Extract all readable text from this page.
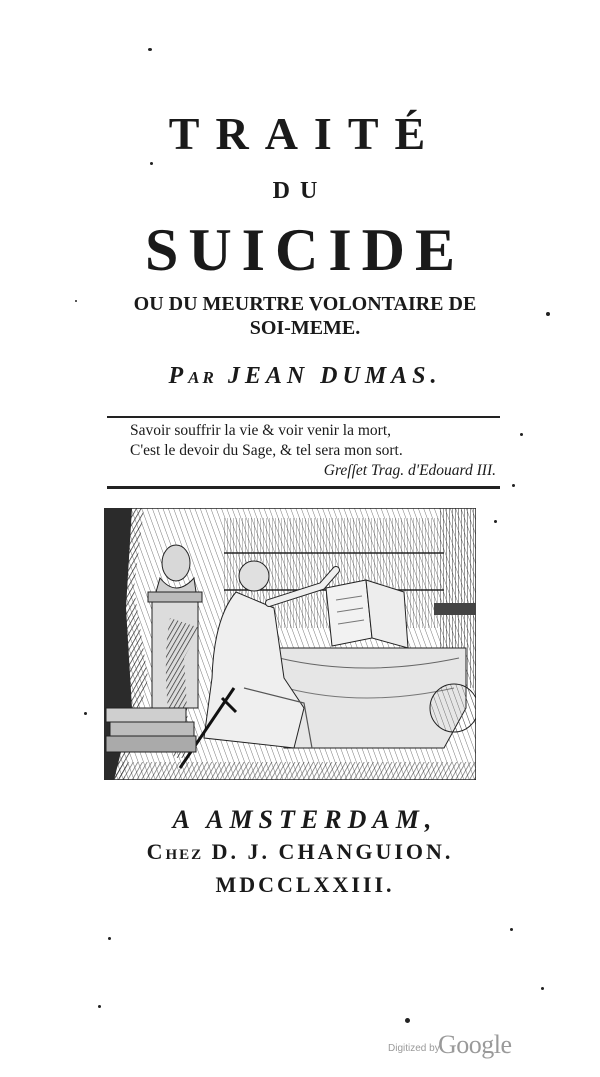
TRAITÉ
DU
SUICIDE
OU DU MEURTRE VOLONTAIRE DE
SOI-MEME.
PAR JEAN DUMAS.
Savoir souffrir la vie & voir venir la mort,
C'est le devoir du Sage, & tel sera mon sort.
Greſſet Trag. d'Edouard III.
A AMSTERDAM,
CHEZ D. J. CHANGUION.
MDCCLXXIII.
Digitized by
Google
